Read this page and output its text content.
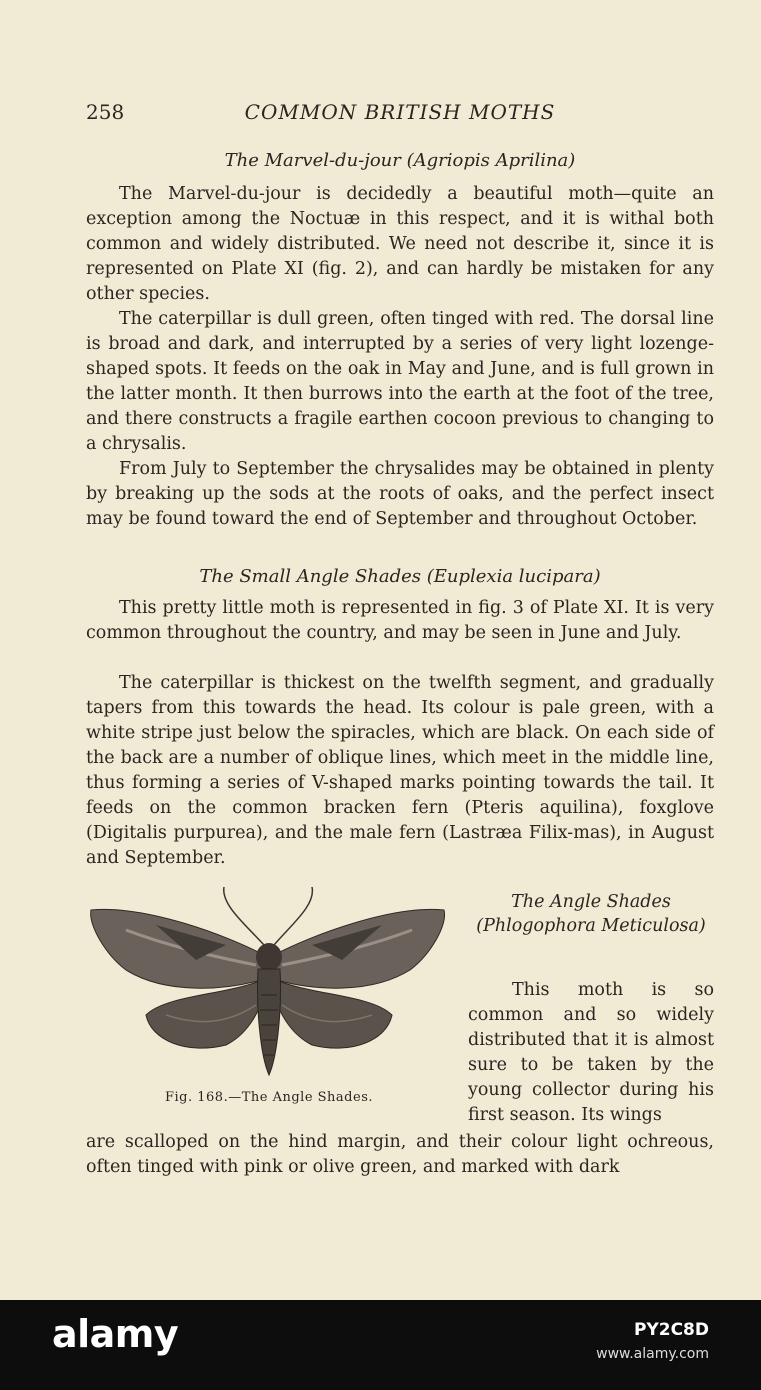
258	COMMON BRITISH MOTHS
The Marvel-du-jour (Agriopis Aprilina)
The Marvel-du-jour is decidedly a beautiful moth—quite an exception among the Noctuæ in this respect, and it is withal both common and widely distributed. We need not describe it, since it is represented on Plate XI (fig. 2), and can hardly be mistaken for any other species.
The caterpillar is dull green, often tinged with red. The dorsal line is broad and dark, and interrupted by a series of very light lozenge-shaped spots. It feeds on the oak in May and June, and is full grown in the latter month. It then burrows into the earth at the foot of the tree, and there constructs a fragile earthen cocoon previous to changing to a chrysalis.
From July to September the chrysalides may be obtained in plenty by breaking up the sods at the roots of oaks, and the perfect insect may be found toward the end of September and throughout October.
The Small Angle Shades (Euplexia lucipara)
This pretty little moth is represented in fig. 3 of Plate XI. It is very common throughout the country, and may be seen in June and July.
The caterpillar is thickest on the twelfth segment, and gradually tapers from this towards the head. Its colour is pale green, with a white stripe just below the spiracles, which are black. On each side of the back are a number of oblique lines, which meet in the middle line, thus forming a series of V-shaped marks pointing towards the tail. It feeds on the common bracken fern (Pteris aquilina), foxglove (Digitalis purpurea), and the male fern (Lastræa Filix-mas), in August and September.
Fig. 168.—The Angle Shades.
The Angle Shades
(Phlogophora Meticulosa)
This moth is so common and so widely distributed that it is almost sure to be taken by the young collector during his first season. Its wings
are scalloped on the hind margin, and their colour light ochreous, often tinged with pink or olive green, and marked with dark
alamy	PY2C8D
www.alamy.com
